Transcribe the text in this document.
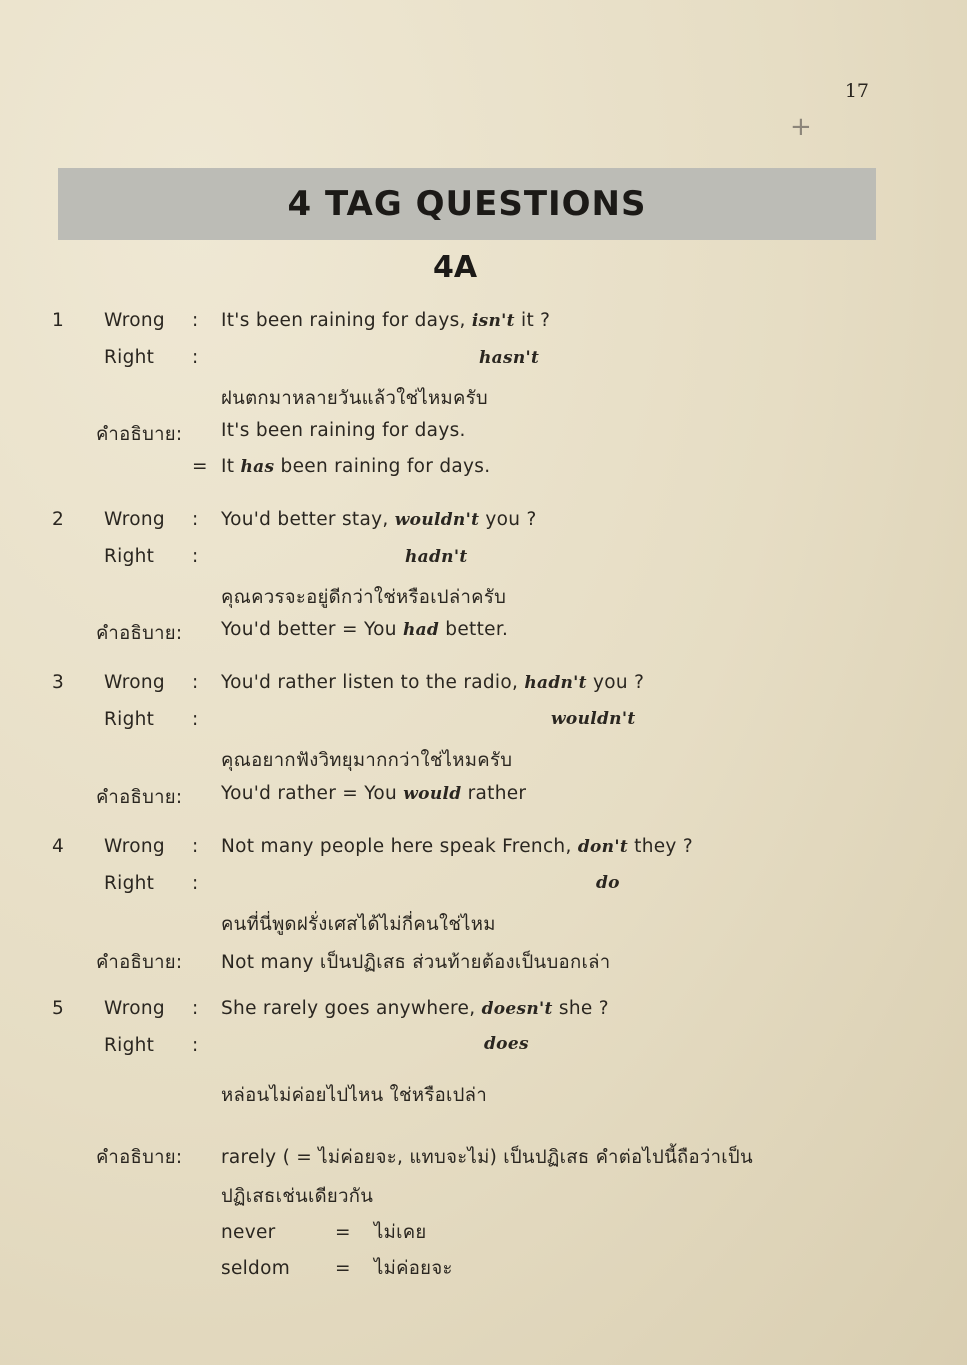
17
+
4 TAG QUESTIONS
4A
1 Wrong : It's been raining for days, isn't it ?
Right :	hasn't
ฝนตกมาหลายวันแล้วใช่ไหมครับ
คำอธิบาย: It's been raining for days.
= It has been raining for days.
2 Wrong : You'd better stay, wouldn't you ?
Right :	hadn't
คุณควรจะอยู่ดีกว่าใช่หรือเปล่าครับ
คำอธิบาย: You'd better = You had better.
3 Wrong : You'd rather listen to the radio, hadn't you ?
Right :	wouldn't
คุณอยากฟังวิทยุมากกว่าใช่ไหมครับ
คำอธิบาย: You'd rather = You would rather
4 Wrong : Not many people here speak French, don't they ?
Right :	do
คนที่นี่พูดฝรั่งเศสได้ไม่กี่คนใช่ไหม
คำอธิบาย: Not many เป็นปฏิเสธ ส่วนท้ายต้องเป็นบอกเล่า
5 Wrong : She rarely goes anywhere, doesn't she ?
Right :	does
หล่อนไม่ค่อยไปไหน ใช่หรือเปล่า
คำอธิบาย: rarely ( = ไม่ค่อยจะ, แทบจะไม่) เป็นปฏิเสธ คำต่อไปนี้ถือว่าเป็น
ปฏิเสธเช่นเดียวกัน
never	= ไม่เคย
seldom = ไม่ค่อยจะ
